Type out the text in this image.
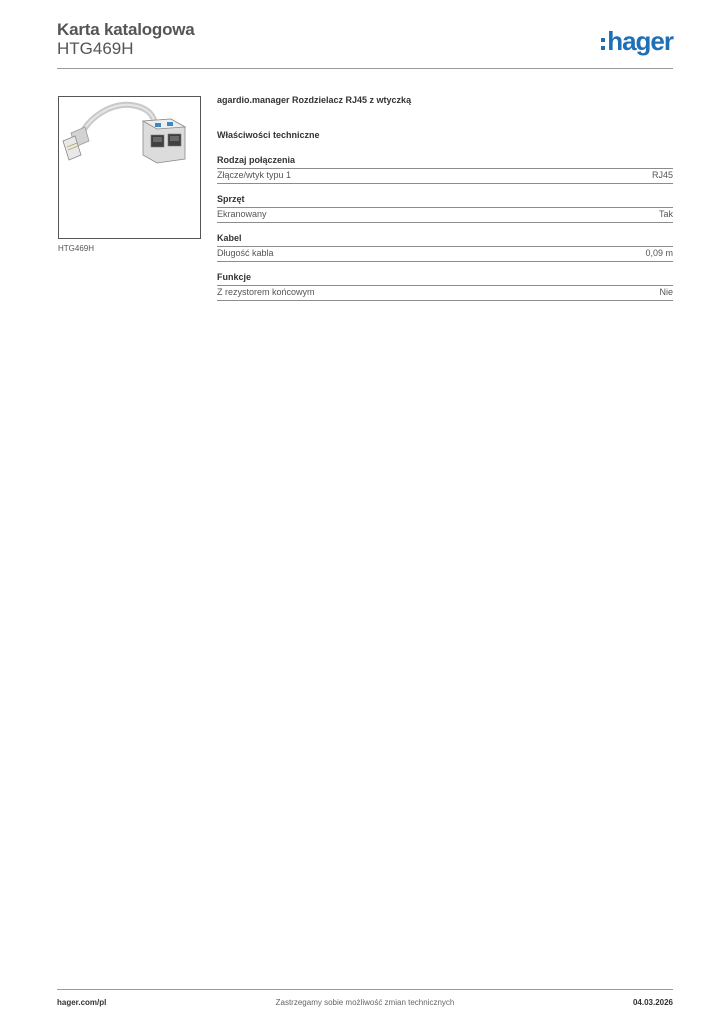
Karta katalogowa
HTG469H	hager
HTG469H
agardio.manager Rozdzielacz RJ45 z wtyczką
Właściwości techniczne
Rodzaj połączenia
Złącze/wtyk typu 1	RJ45
Sprzęt
Ekranowany	Tak
Kabel
Długość kabla	0,09 m
Funkcje
Z rezystorem końcowym	Nie
Zastrzegamy sobie możliwość zmian technicznych
hager.com/pl	04.03.2026
